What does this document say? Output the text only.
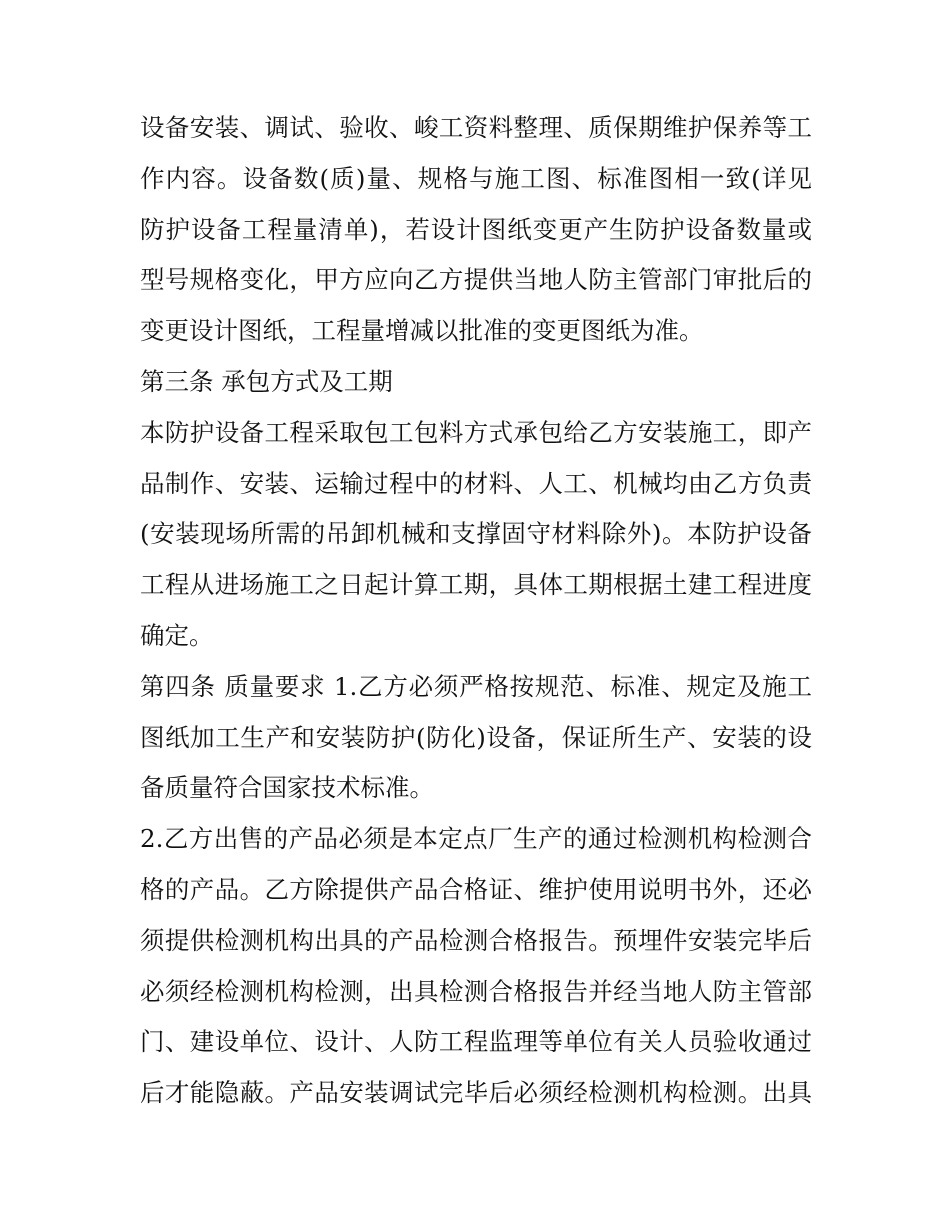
设备安装、调试、验收、峻工资料整理、质保期维护保养等工
作内容。设备数(质)量、规格与施工图、标准图相一致(详见
防护设备工程量清单)，若设计图纸变更产生防护设备数量或
型号规格变化，甲方应向乙方提供当地人防主管部门审批后的
变更设计图纸，工程量增减以批准的变更图纸为准。
第三条 承包方式及工期
本防护设备工程采取包工包料方式承包给乙方安装施工，即产
品制作、安装、运输过程中的材料、人工、机械均由乙方负责
(安装现场所需的吊卸机械和支撑固守材料除外)。本防护设备
工程从进场施工之日起计算工期，具体工期根据土建工程进度
确定。
第四条 质量要求 1.乙方必须严格按规范、标准、规定及施工
图纸加工生产和安装防护(防化)设备，保证所生产、安装的设
备质量符合国家技术标准。
2.乙方出售的产品必须是本定点厂生产的通过检测机构检测合
格的产品。乙方除提供产品合格证、维护使用说明书外，还必
须提供检测机构出具的产品检测合格报告。预埋件安装完毕后
必须经检测机构检测，出具检测合格报告并经当地人防主管部
门、建设单位、设计、人防工程监理等单位有关人员验收通过
后才能隐蔽。产品安装调试完毕后必须经检测机构检测。出具
